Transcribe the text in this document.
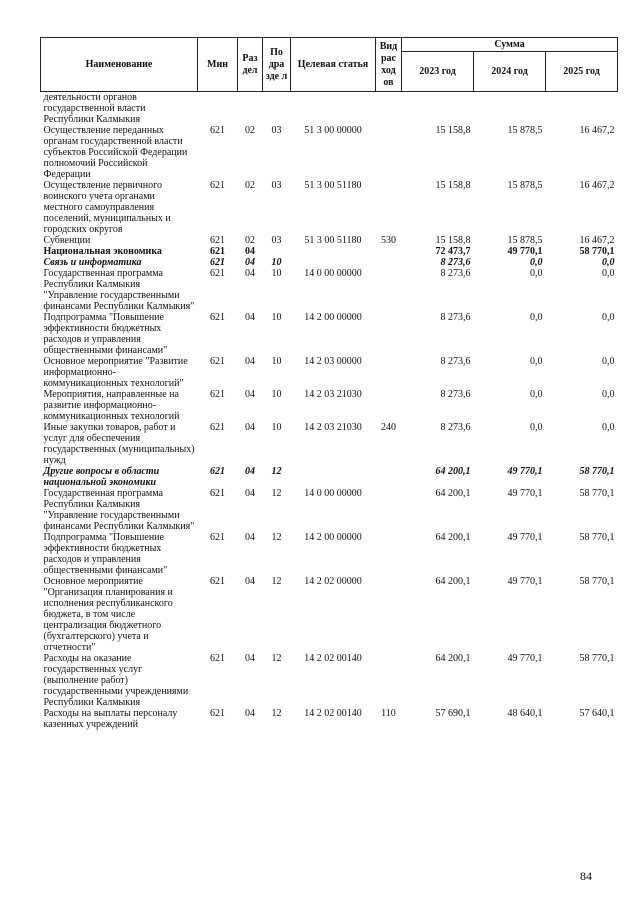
Наименование	Мин	Раз дел	По дра зде л	Целевая статья	Вид рас ход ов	Сумма		
						2023 год	2024 год	2025 год
деятельности органов государственной власти Республики Калмыкия								
Осуществление переданных органам государственной власти субъектов Российской Федерации полномочий Российской Федерации	621	02	03	51 3 00 00000		15 158,8	15 878,5	16 467,2
Осуществление первичного воинского учета органами местного самоуправления поселений, муниципальных и городских округов	621	02	03	51 3 00 51180		15 158,8	15 878,5	16 467,2
Субвенции	621	02	03	51 3 00 51180	530	15 158,8	15 878,5	16 467,2
Национальная экономика	621	04				72 473,7	49 770,1	58 770,1
Связь и информатика	621	04	10			8 273,6	0,0	0,0
Государственная программа Республики Калмыкия "Управление государственными финансами Республики Калмыкия"	621	04	10	14 0 00 00000		8 273,6	0,0	0,0
Подпрограмма "Повышение эффективности бюджетных расходов и управления общественными финансами"	621	04	10	14 2 00 00000		8 273,6	0,0	0,0
Основное мероприятие "Развитие информационно-коммуникационных технологий"	621	04	10	14 2 03 00000		8 273,6	0,0	0,0
Мероприятия, направленные на развитие информационно-коммуникационных технологий	621	04	10	14 2 03 21030		8 273,6	0,0	0,0
Иные закупки товаров, работ и услуг для обеспечения государственных (муниципальных) нужд	621	04	10	14 2 03 21030	240	8 273,6	0,0	0,0
Другие вопросы в области национальной экономики	621	04	12			64 200,1	49 770,1	58 770,1
Государственная программа Республики Калмыкия "Управление государственными финансами Республики Калмыкия"	621	04	12	14 0 00 00000		64 200,1	49 770,1	58 770,1
Подпрограмма "Повышение эффективности бюджетных расходов и управления общественными финансами"	621	04	12	14 2 00 00000		64 200,1	49 770,1	58 770,1
Основное мероприятие "Организация планирования и исполнения республиканского бюджета, в том числе централизация бюджетного (бухгалтерского) учета и отчетности"	621	04	12	14 2 02 00000		64 200,1	49 770,1	58 770,1
Расходы на оказание государственных услуг (выполнение работ) государственными учреждениями Республики Калмыкия	621	04	12	14 2 02 00140		64 200,1	49 770,1	58 770,1
Расходы на выплаты персоналу казенных учреждений	621	04	12	14 2 02 00140	110	57 690,1	48 640,1	57 640,1
84
